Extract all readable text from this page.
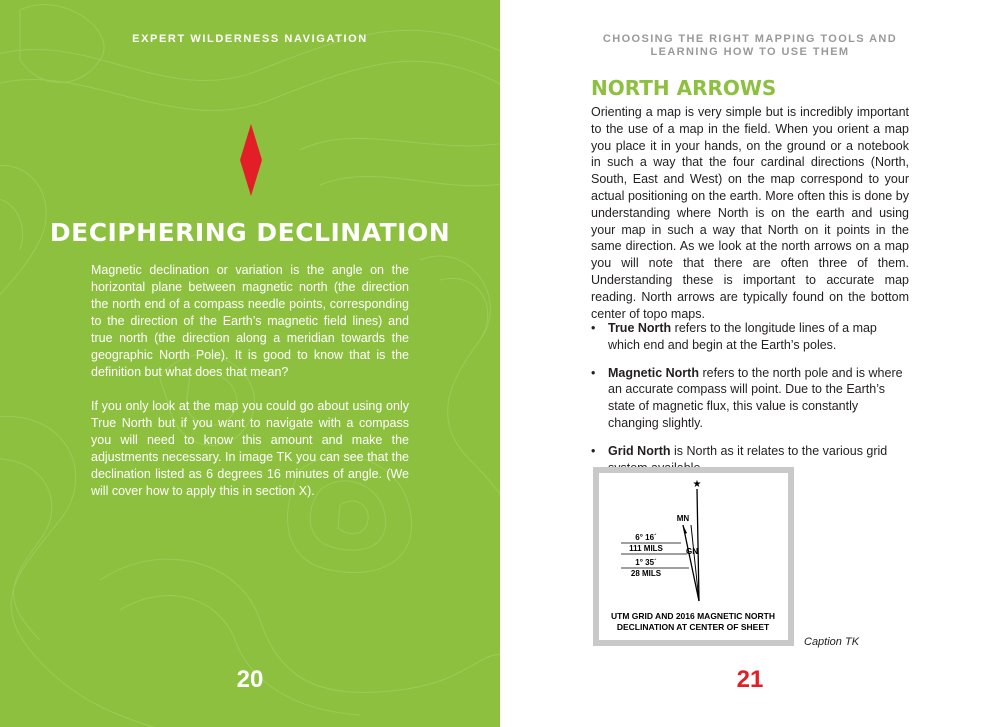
EXPERT WILDERNESS NAVIGATION
DECIPHERING DECLINATION

Magnetic declination or variation is the angle on the horizontal plane between magnetic north (the direction the north end of a compass needle points, corresponding to the direction of the Earth’s magnetic field lines) and true north (the direction along a meridian towards the geographic North Pole). It is good to know that is the definition but what does that mean?

If you only look at the map you could go about using only True North but if you want to navigate with a compass you will need to know this amount and make the adjustments necessary. In image TK you can see that the declination listed as 6 degrees 16 minutes of angle. (We will cover how to apply this in section X).

20
CHOOSING THE RIGHT MAPPING TOOLS AND LEARNING HOW TO USE THEM
NORTH ARROWS

Orienting a map is very simple but is incredibly important to the use of a map in the field. When you orient a map you place it in your hands, on the ground or a notebook in such a way that the four cardinal directions (North, South, East and West) on the map correspond to your actual positioning on the earth. More often this is done by understanding where North is on the earth and using your map in such a way that North on it points in the same direction. As we look at the north arrows on a map you will note that there are often three of them. Understanding these is important to accurate map reading. North arrows are typically found on the bottom center of topo maps.

• True North refers to the longitude lines of a map which end and begin at the Earth’s poles.
• Magnetic North refers to the north pole and is where an accurate compass will point. Due to the Earth’s state of magnetic flux, this value is constantly changing slightly.
• Grid North is North as it relates to the various grid
★
MN
GN
6° 16´
111 MILS
1° 35´
28 MILS
UTM GRID AND 2016 MAGNETIC NORTH
DECLINATION AT CENTER OF SHEET
Caption TK
21
